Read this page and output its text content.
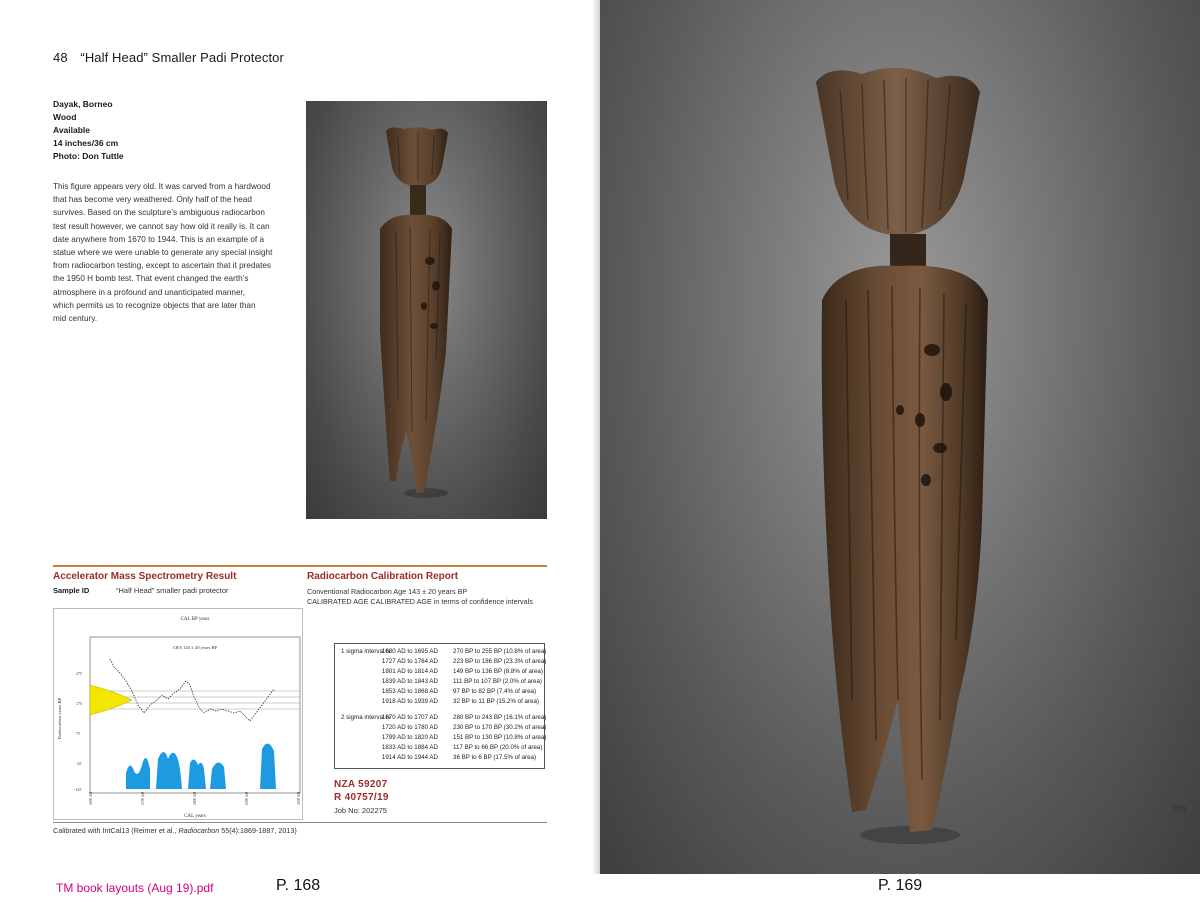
48 “Half Head” Smaller Padi Protector
Dayak, Borneo
Wood
Available
14 inches/36 cm
Photo: Don Tuttle
This figure appears very old. It was carved from a hardwood
that has become very weathered. Only half of the head
survives. Based on the sculpture’s ambiguous radiocarbon
test result however, we cannot say how old it really is. It can
date anywhere from 1670 to 1944. This is an example of a
statue where we were unable to generate any special insight
from radiocarbon testing, except to ascertain that it predates
the 1950 H bomb test. That event changed the earth’s
atmosphere in a profound and unanticipated manner,
which permits us to recognize objects that are later than
mid century.
Accelerator Mass Spectrometry Result
Sample ID	“Half Head” smaller padi protector
Radiocarbon Calibration Report
Conventional Radiocarbon Age 143 ± 20 years BP
CALIBRATED AGE CALIBRATED AGE in terms of confidence intervals
CAL BP years
CRA 143 ± 20 years BP
CAL years
Radiocarbon years BP
275
175
75
-25
-125
1600 AD	1700 AD	1800 AD	1900 AD	2000 AD
1 sigma interval is
1680 AD to 1695 AD 270 BP to 255 BP (10.8% of area)
1727 AD to 1764 AD 223 BP to 186 BP (23.3% of area)
1801 AD to 1814 AD 149 BP to 136 BP (8.8% of area)
1839 AD to 1843 AD 111 BP to 107 BP (2.0% of area)
1853 AD to 1868 AD 97 BP to 82 BP (7.4% of area)
1918 AD to 1939 AD 32 BP to 11 BP (15.2% of area)
2 sigma interval is
1670 AD to 1707 AD 280 BP to 243 BP (16.1% of area)
1720 AD to 1780 AD 230 BP to 170 BP (30.2% of area)
1799 AD to 1820 AD 151 BP to 130 BP (10.8% of area)
1833 AD to 1884 AD 117 BP to 66 BP (20.0% of area)
1914 AD to 1944 AD 36 BP to 6 BP (17.5% of area)
NZA 59207
R 40757/19
Job No: 202275
Calibrated with IntCal13 (Reimer et al., Radiocarbon 55(4):1869-1887, 2013)
169
TM book layouts (Aug 19).pdf	P. 168	P. 169
